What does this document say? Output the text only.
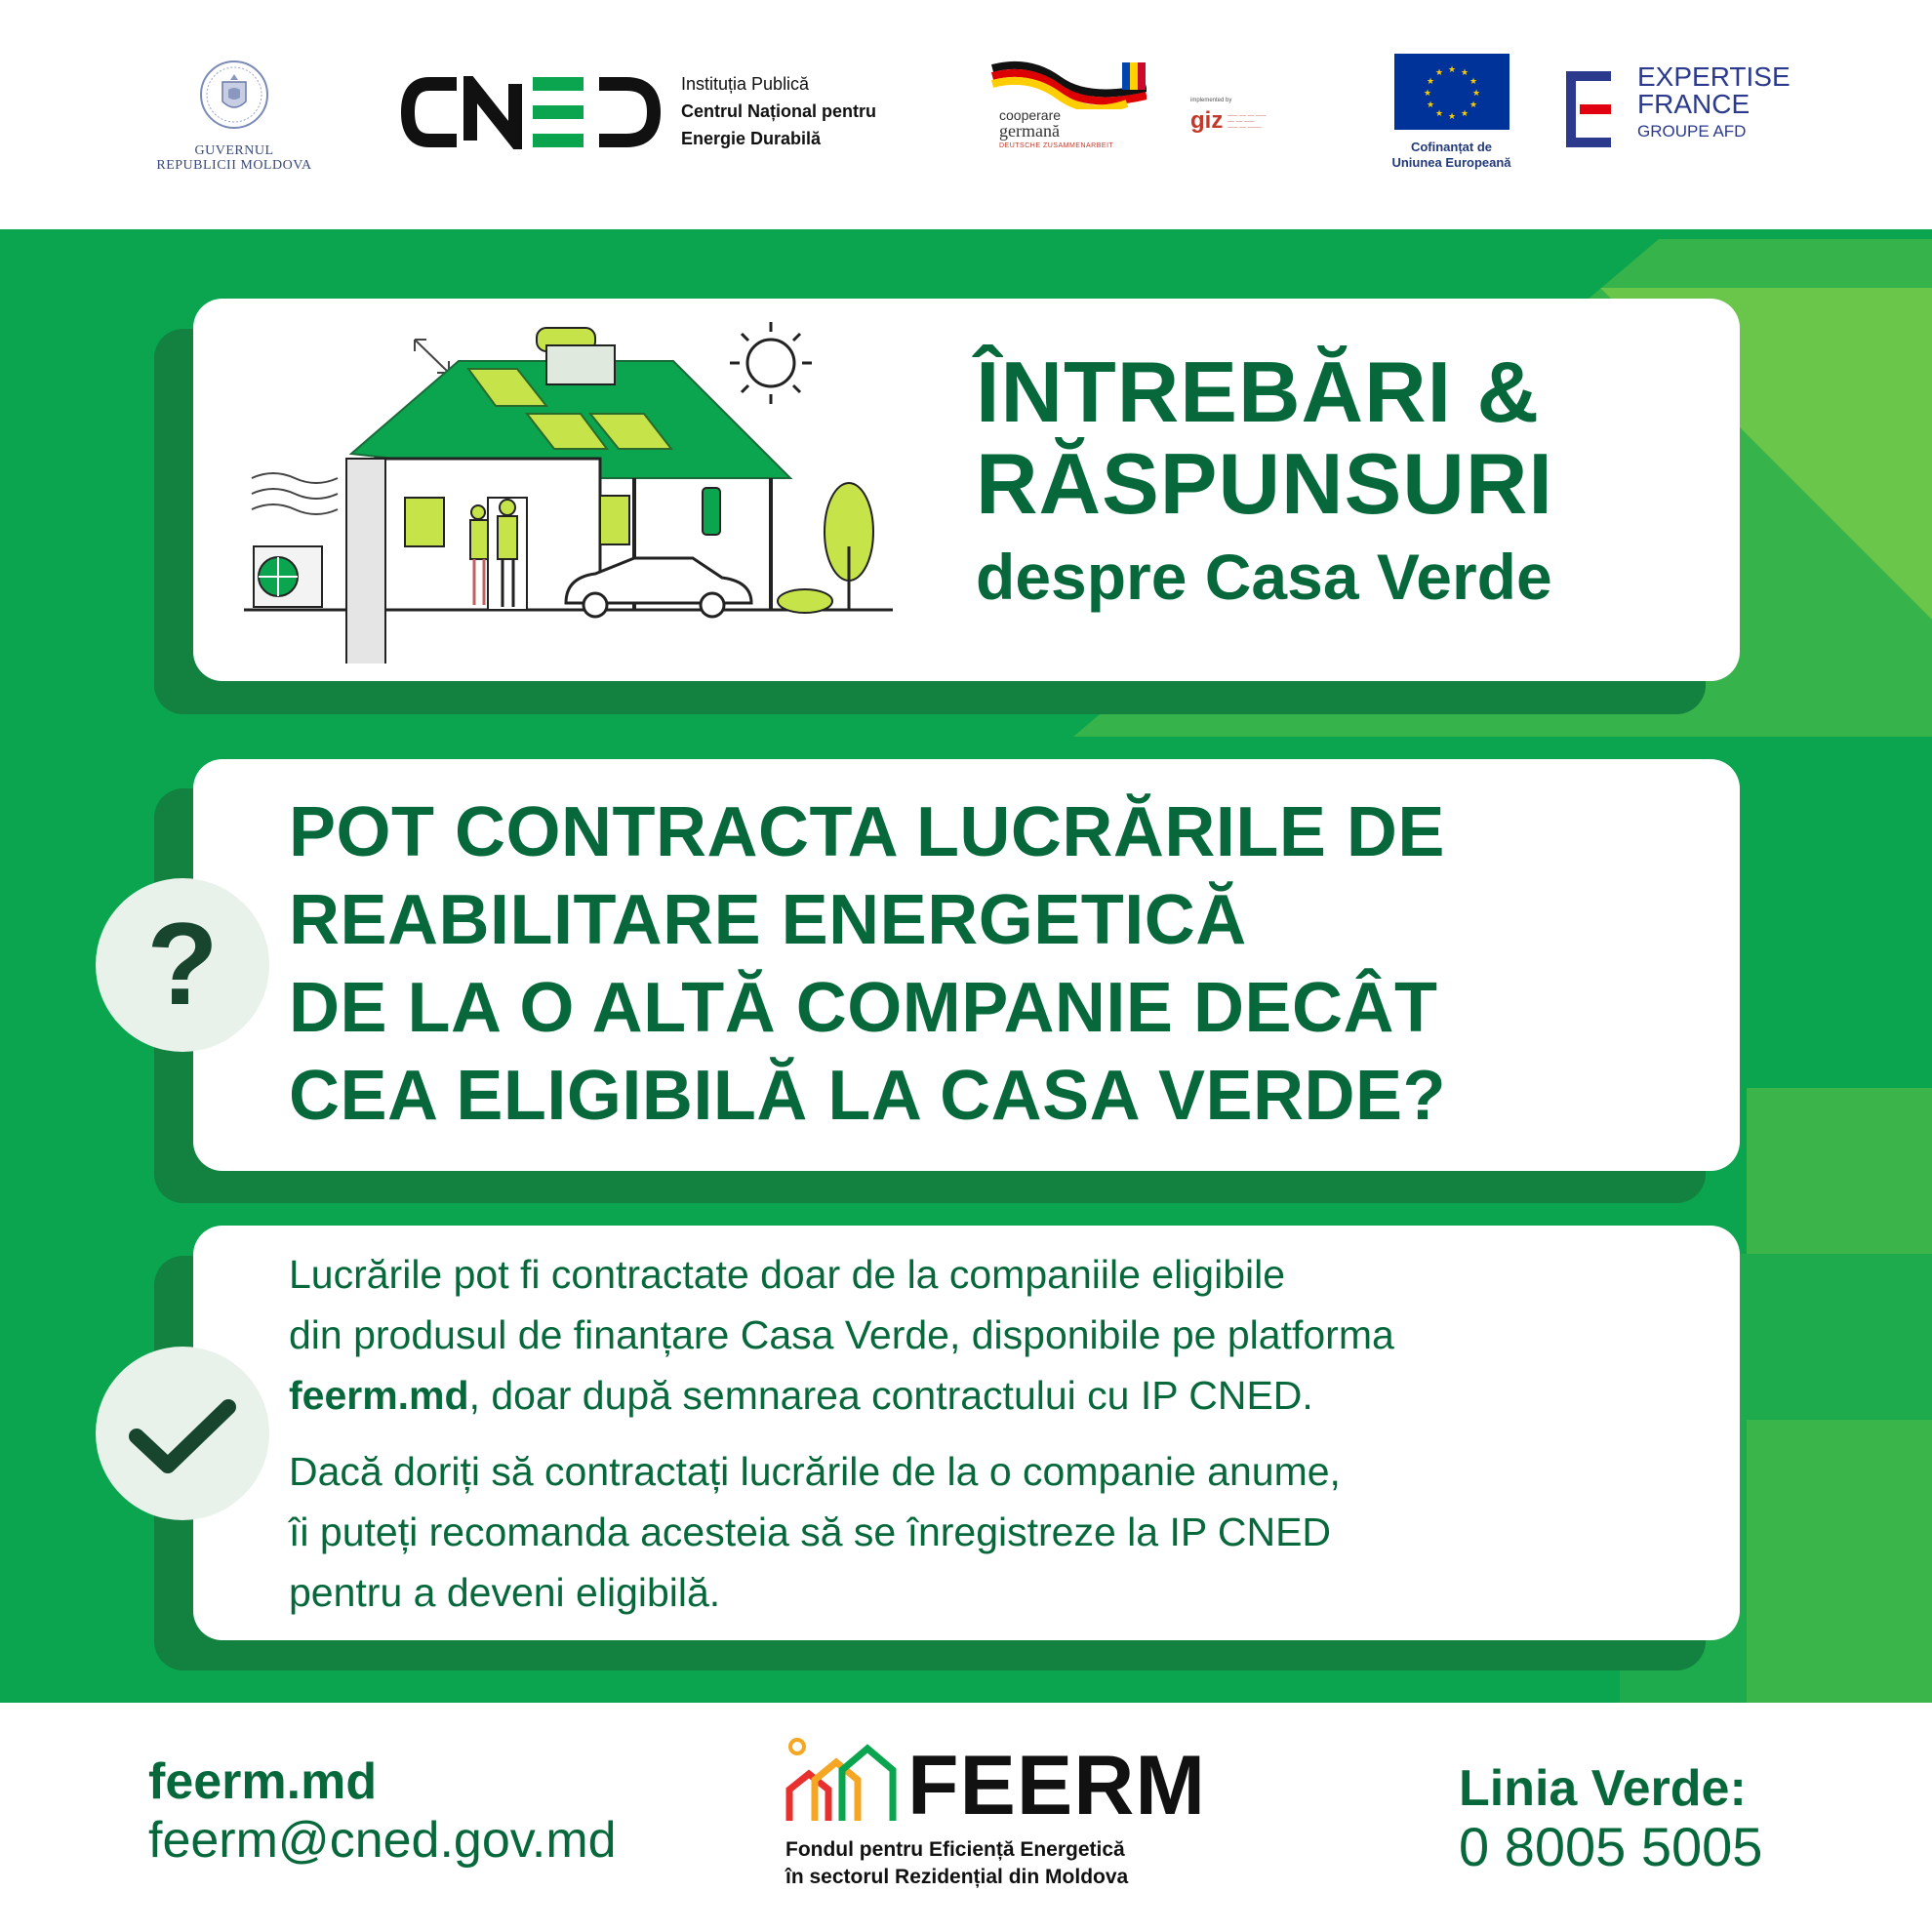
GUVERNUL
REPUBLICII MOLDOVA
Instituția Publică
Centrul Național pentru
Energie Durabilă
cooperare
germană
DEUTSCHE ZUSAMMENARBEIT
implemented by
giz ─── ── ── ───
── ── ───
─── ── ────
★ ★
★
★
★
★
★
★
★
★
★
★
Cofinanțat de
Uniunea Europeană
EXPERTISE
FRANCE
GROUPE AFD
ÎNTREBĂRI &
RĂSPUNSURI
despre Casa Verde
?
POT CONTRACTA LUCRĂRILE DE
REABILITARE ENERGETICĂ
DE LA O ALTĂ COMPANIE DECÂT
CEA ELIGIBILĂ LA CASA VERDE?
Lucrările pot fi contractate doar de la companiile eligibile
din produsul de finanțare Casa Verde, disponibile pe platforma
feerm.md, doar după semnarea contractului cu IP CNED.
Dacă doriți să contractați lucrările de la o companie anume,
îi puteți recomanda acesteia să se înregistreze la IP CNED
pentru a deveni eligibilă.
feerm.md
feerm@cned.gov.md
FEERM
Fondul pentru Eficiență Energetică
în sectorul Rezidențial din Moldova
Linia Verde:
0 8005 5005
